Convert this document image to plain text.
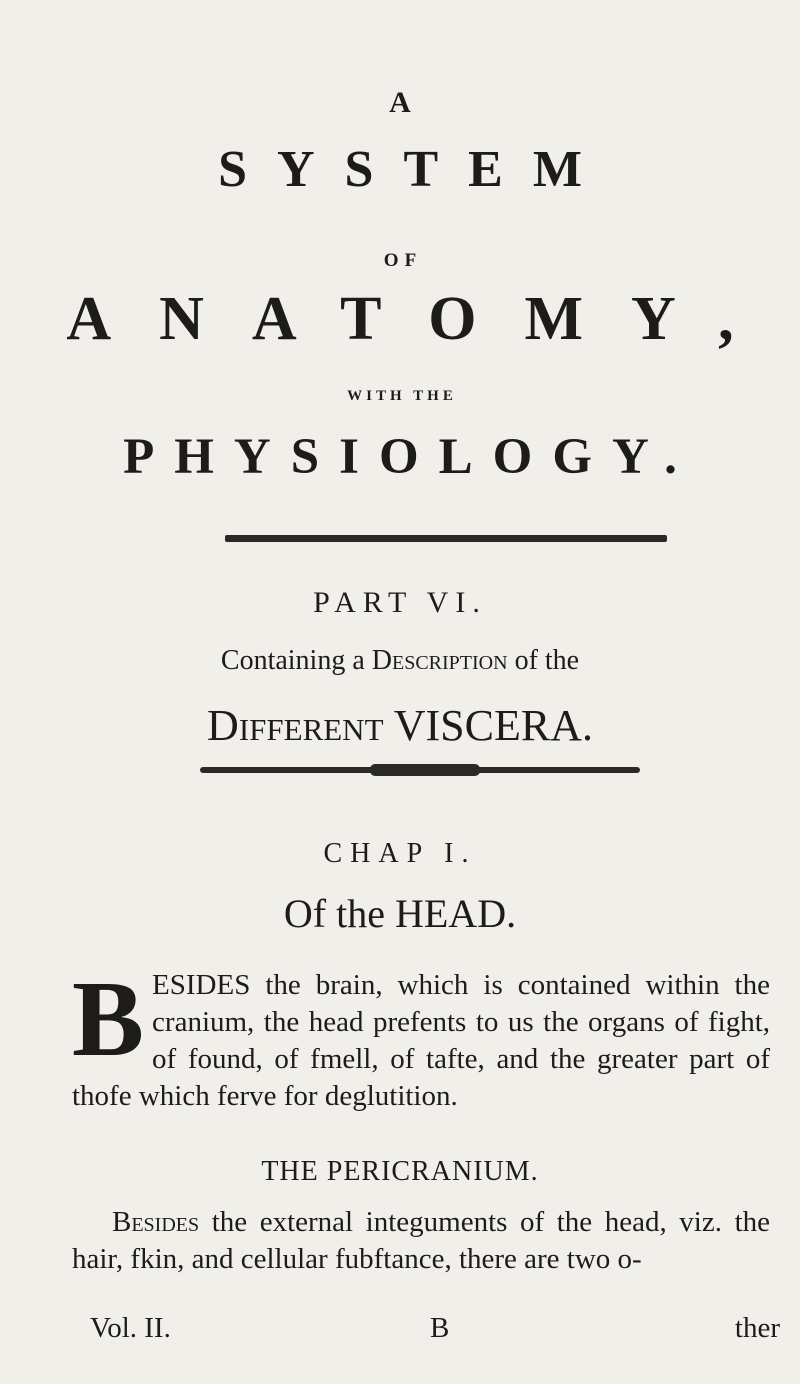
A
SYSTEM
OF
ANATOMY,
WITH THE
PHYSIOLOGY.
PART VI.
Containing a Description of the
Different VISCERA.
CHAP I.
Of the HEAD.
BESIDES the brain, which is contained within the cranium, the head prefents to us the organs of fight, of found, of fmell, of tafte, and the greater part of thofe which ferve for deglutition.
THE PERICRANIUM.
Besides the external integuments of the head, viz. the hair, fkin, and cellular fubftance, there are two o-
Vol. II.	B	ther
